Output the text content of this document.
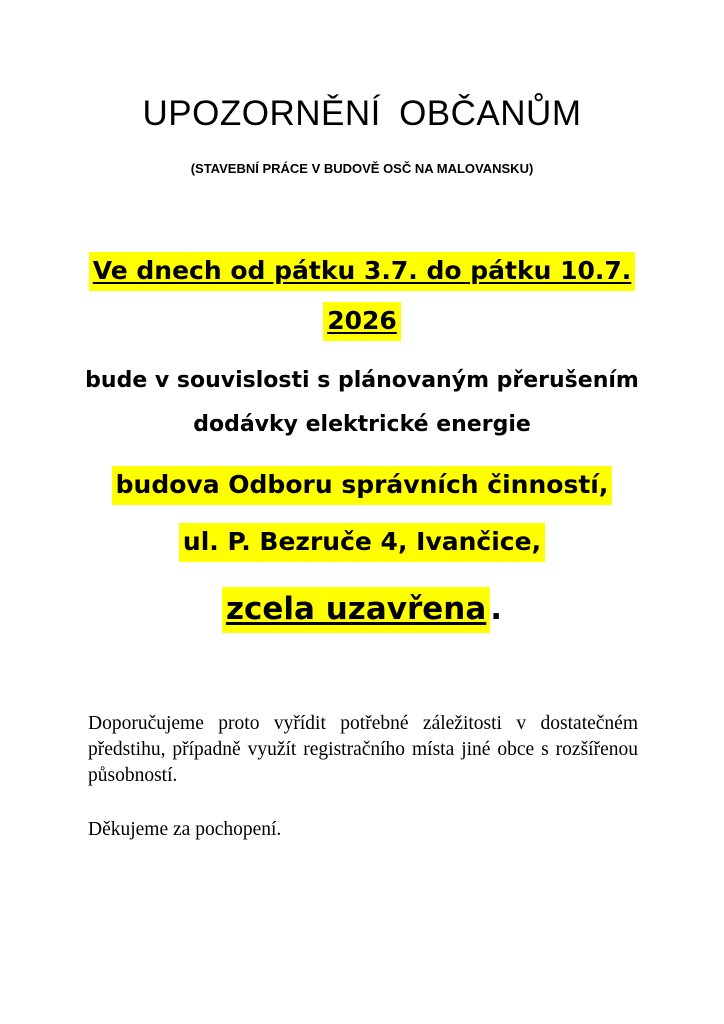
UPOZORNĚNÍ OBČANŮM
(STAVEBNÍ PRÁCE V BUDOVĚ OSČ NA MALOVANSKU)
Ve dnech od pátku 3.7. do pátku 10.7.
2026
bude v souvislosti s plánovaným přerušením
dodávky elektrické energie
budova Odboru správních činností,
ul. P. Bezruče 4, Ivančice,
zcela uzavřena .
Doporučujeme proto vyřídit potřebné záležitosti v dostatečném předstihu, případně využít registračního místa jiné obce s rozšířenou působností.
Děkujeme za pochopení.
